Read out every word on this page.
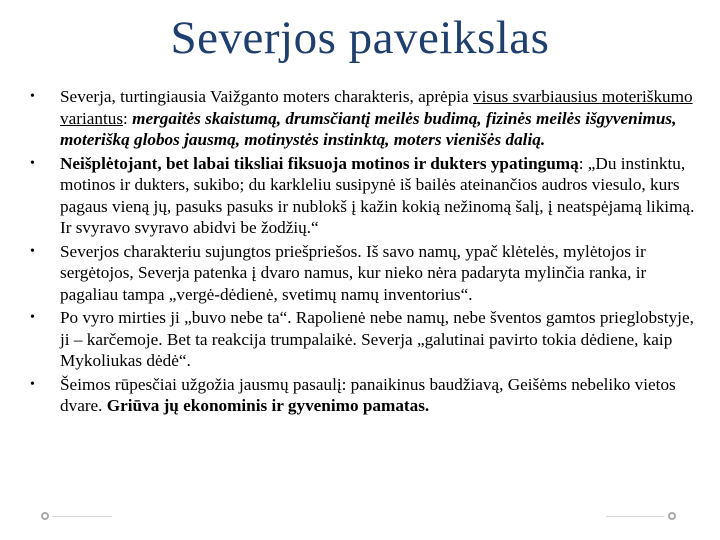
Severjos paveikslas
• Severja, turtingiausia Vaižganto moters charakteris, aprėpia visus svarbiausius moteriškumo variantus: mergaitės skaistumą, drumsčiantį meilės budimą, fizinės meilės išgyvenimus, moterišką globos jausmą, motinystės instinktą, moters vienišės dalią.
• Neišplėtojant, bet labai tiksliai fiksuoja motinos ir dukters ypatingumą: „Du instinktu, motinos ir dukters, sukibo; du karkleliu susipynė iš bailės ateinančios audros viesulo, kurs pagaus vieną jų, pasuks pasuks ir nublokš į kažin kokią nežinomą šalį, į neatspėjamą likimą. Ir svyravo svyravo abidvi be žodžių.“
• Severjos charakteriu sujungtos priešpriešos. Iš savo namų, ypač klėtelės, mylėtojos ir sergėtojos, Severja patenka į dvaro namus, kur nieko nėra padaryta mylinčia ranka, ir pagaliau tampa „vergė-dėdienė, svetimų namų inventorius“.
• Po vyro mirties ji „buvo nebe ta“. Rapolienė nebe namų, nebe šventos gamtos prieglobstyje, ji – karčemoje. Bet ta reakcija trumpalaikė. Severja „galutinai pavirto tokia dėdiene, kaip Mykoliukas dėdė“.
• Šeimos rūpesčiai užgožia jausmų pasaulį: panaikinus baudžiavą, Geišėms nebeliko vietos dvare. Griūva jų ekonominis ir gyvenimo pamatas.
